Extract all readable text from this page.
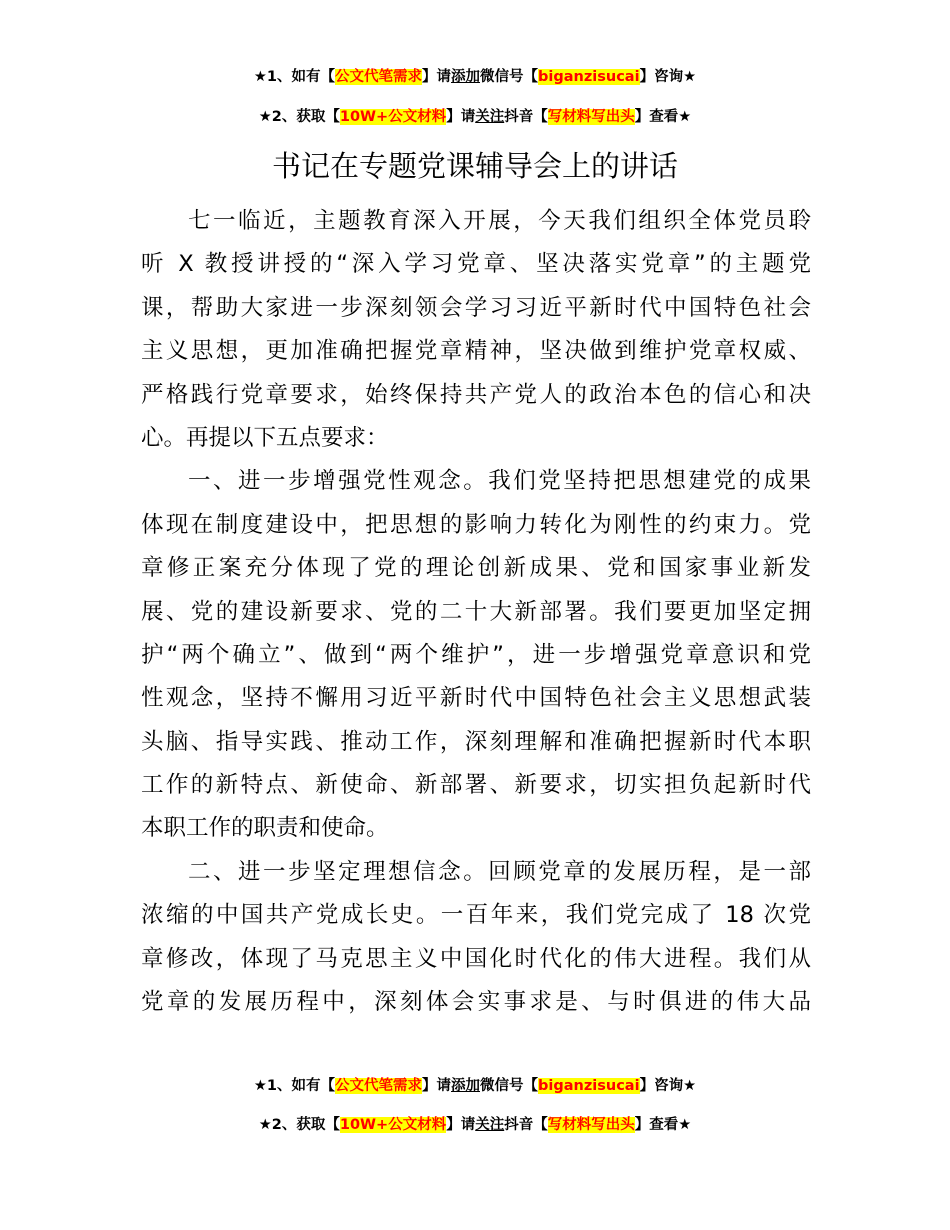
★1、如有【公文代笔需求】请添加微信号【biganzisucai】咨询★
★2、获取【10W+公文材料】请关注抖音【写材料写出头】查看★
书记在专题党课辅导会上的讲话
七一临近，主题教育深入开展，今天我们组织全体党员聆
听 X 教授讲授的“深入学习党章、坚决落实党章”的主题党
课，帮助大家进一步深刻领会学习习近平新时代中国特色社会
主义思想，更加准确把握党章精神，坚决做到维护党章权威、
严格践行党章要求，始终保持共产党人的政治本色的信心和决
心。再提以下五点要求：
一、进一步增强党性观念。我们党坚持把思想建党的成果
体现在制度建设中，把思想的影响力转化为刚性的约束力。党
章修正案充分体现了党的理论创新成果、党和国家事业新发
展、党的建设新要求、党的二十大新部署。我们要更加坚定拥
护“两个确立”、做到“两个维护”，进一步增强党章意识和党
性观念，坚持不懈用习近平新时代中国特色社会主义思想武装
头脑、指导实践、推动工作，深刻理解和准确把握新时代本职
工作的新特点、新使命、新部署、新要求，切实担负起新时代
本职工作的职责和使命。
二、进一步坚定理想信念。回顾党章的发展历程，是一部
浓缩的中国共产党成长史。一百年来，我们党完成了 18 次党
章修改，体现了马克思主义中国化时代化的伟大进程。我们从
党章的发展历程中，深刻体会实事求是、与时俱进的伟大品
★1、如有【公文代笔需求】请添加微信号【biganzisucai】咨询★
★2、获取【10W+公文材料】请关注抖音【写材料写出头】查看★
